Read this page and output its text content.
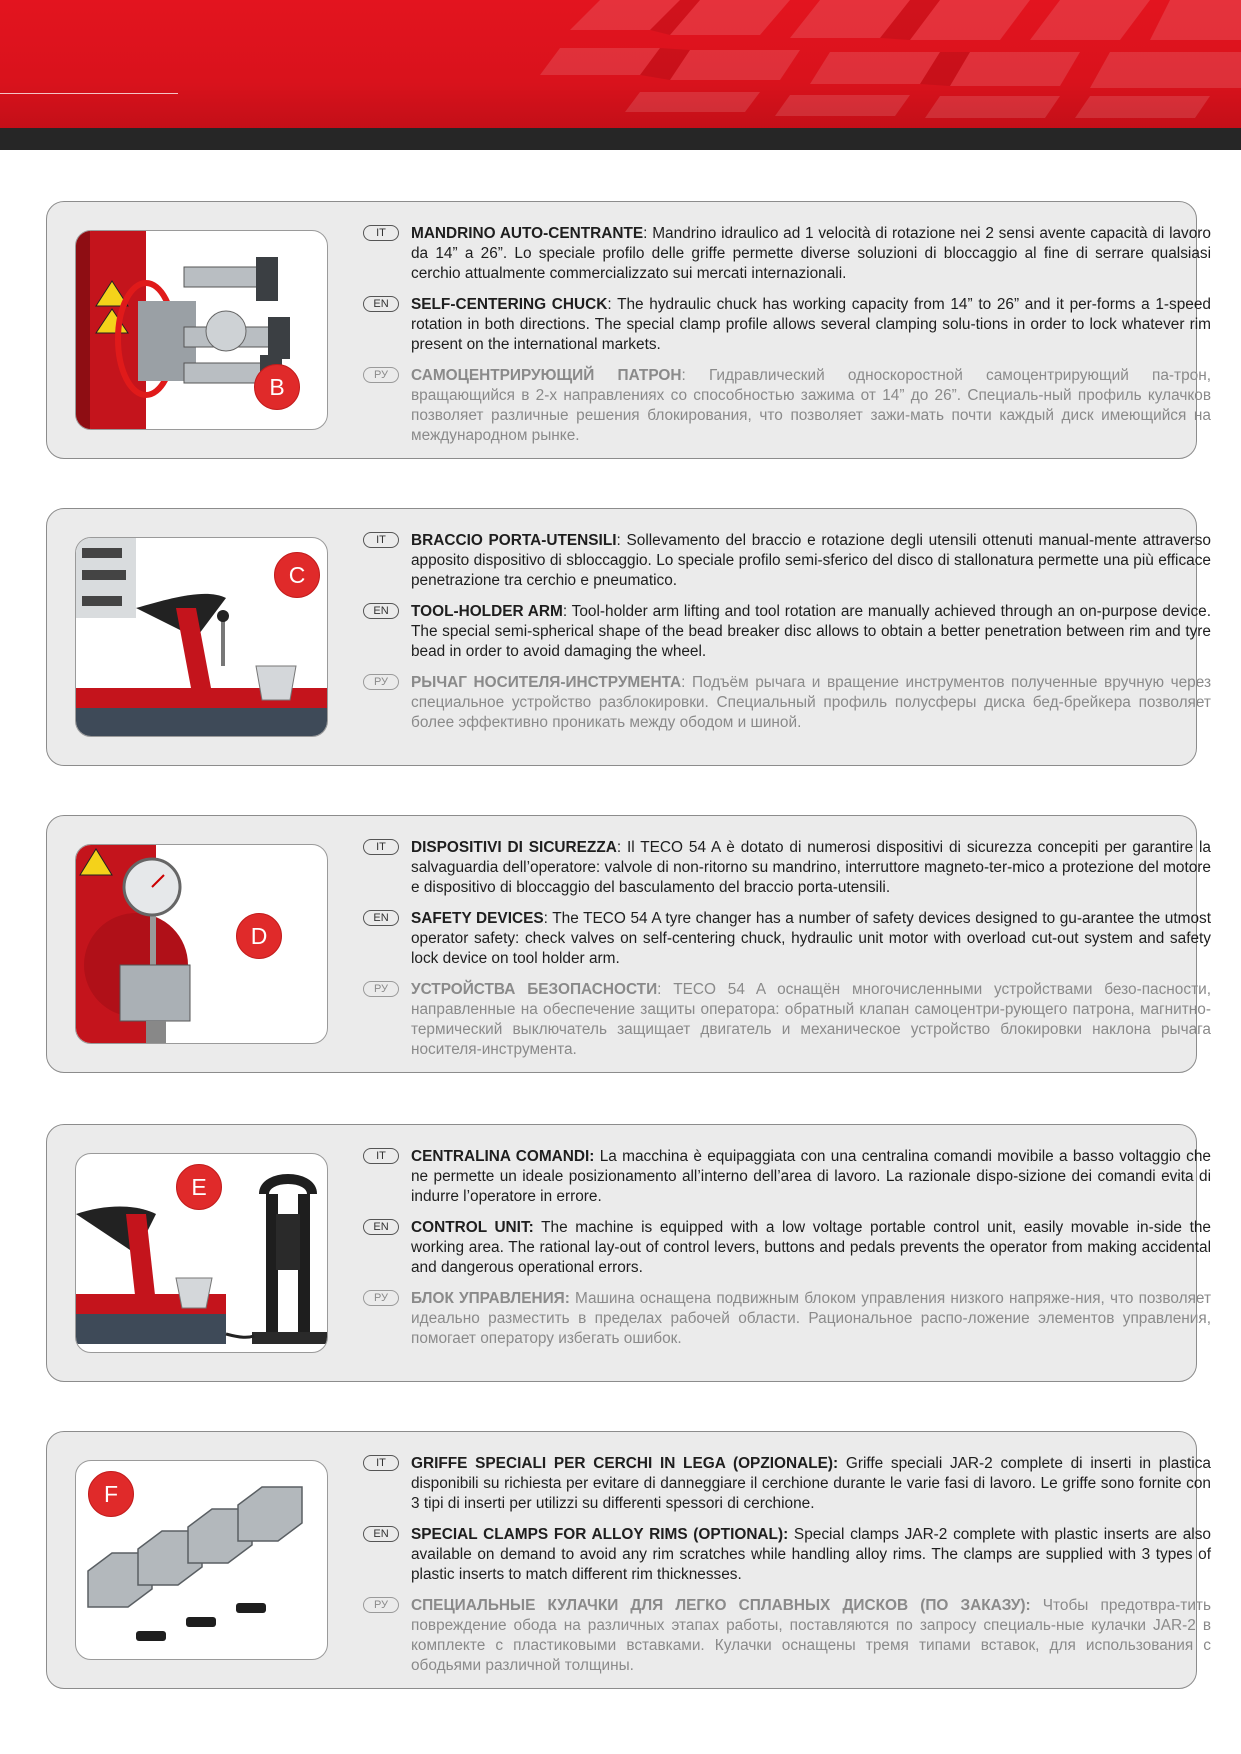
B
IT	MANDRINO AUTO-CENTRANTE: Mandrino idraulico ad 1 velocità di rotazione nei 2 sensi avente capacità di lavoro da 14” a 26”. Lo speciale profilo delle griffe permette diverse soluzioni di bloccaggio al fine di serrare qualsiasi cerchio attualmente commercializzato sui mercati internazionali.

EN	SELF-CENTERING CHUCK: The hydraulic chuck has working capacity from 14” to 26” and it per-forms a 1-speed rotation in both directions. The special clamp profile allows several clamping solu-tions in order to lock whatever rim present on the international markets.

РУ	САМОЦЕНТРИРУЮЩИЙ ПАТРОН: Гидравлический односкоростной самоцентрирующий па-трон, вращающийся в 2-х направлениях со способностью зажима от 14” до 26”. Специаль-ный профиль кулачков позволяет различные решения блокирования, что позволяет зажи-мать почти каждый диск имеющийся на международном рынке.

C
IT	BRACCIO PORTA-UTENSILI: Sollevamento del braccio e rotazione degli utensili ottenuti manual-mente attraverso apposito dispositivo di sbloccaggio. Lo speciale profilo semi-sferico del disco di stallonatura permette una più efficace penetrazione tra cerchio e pneumatico.

EN	TOOL-HOLDER ARM: Tool-holder arm lifting and tool rotation are manually achieved through an on-purpose device. The special semi-spherical shape of the bead breaker disc allows to obtain a better penetration between rim and tyre bead in order to avoid damaging the wheel.

РУ	РЫЧАГ НОСИТЕЛЯ-ИНСТРУМЕНТА: Подъём рычага и вращение инструментов полученные вручную через специальное устройство разблокировки. Специальный профиль полусферы диска бед-брейкера позволяет более эффективно проникать между ободом и шиной.

D
IT	DISPOSITIVI DI SICUREZZA: Il TECO 54 A è dotato di numerosi dispositivi di sicurezza concepiti per garantire la salvaguardia dell’operatore: valvole di non-ritorno su mandrino, interruttore magneto-ter-mico a protezione del motore e dispositivo di bloccaggio del basculamento del braccio porta-utensili.

EN	SAFETY DEVICES: The TECO 54 A tyre changer has a number of safety devices designed to gu-arantee the utmost operator safety: check valves on self-centering chuck, hydraulic unit motor with overload cut-out system and safety lock device on tool holder arm.

РУ	УСТРОЙСТВА БЕЗОПАСНОСТИ: TECO 54 A оснащён многочисленными устройствами безо-пасности, направленные на обеспечение защиты оператора: обратный клапан самоцентри-рующего патрона, магнитно-термический выключатель защищает двигатель и механическое устройство блокировки наклона рычага носителя-инструмента.

E
IT	CENTRALINA COMANDI: La macchina è equipaggiata con una centralina comandi movibile a basso voltaggio che ne permette un ideale posizionamento all’interno dell’area di lavoro. La razionale dispo-sizione dei comandi evita di indurre l’operatore in errore.

EN	CONTROL UNIT: The machine is equipped with a low voltage portable control unit, easily movable in-side the working area. The rational lay-out of control levers, buttons and pedals prevents the operator from making accidental and dangerous operational errors.

РУ	БЛОК УПРАВЛЕНИЯ: Машина оснащена подвижным блоком управления низкого напряже-ния, что позволяет идеально разместить в пределах рабочей области. Рациональное распо-ложение элементов управления, помогает оператору избегать ошибок.

F
IT	GRIFFE SPECIALI PER CERCHI IN LEGA (OPZIONALE): Griffe speciali JAR-2 complete di inserti in plastica disponibili su richiesta per evitare di danneggiare il cerchione durante le varie fasi di lavoro. Le griffe sono fornite con 3 tipi di inserti per utilizzi su differenti spessori di cerchione.

EN	SPECIAL CLAMPS FOR ALLOY RIMS (OPTIONAL): Special clamps JAR-2 complete with plastic inserts are also available on demand to avoid any rim scratches while handling alloy rims. The clamps are supplied with 3 types of plastic inserts to match different rim thicknesses.

РУ	СПЕЦИАЛЬНЫЕ КУЛАЧКИ ДЛЯ ЛЕГКО СПЛАВНЫХ ДИСКОВ (ПО ЗАКАЗУ): Чтобы предотвра-тить повреждение обода на различных этапах работы, поставляются по запросу специаль-ные кулачки JAR-2 в комплекте с пластиковыми вставками. Кулачки оснащены тремя типами вставок, для использования с ободьями различной толщины.
